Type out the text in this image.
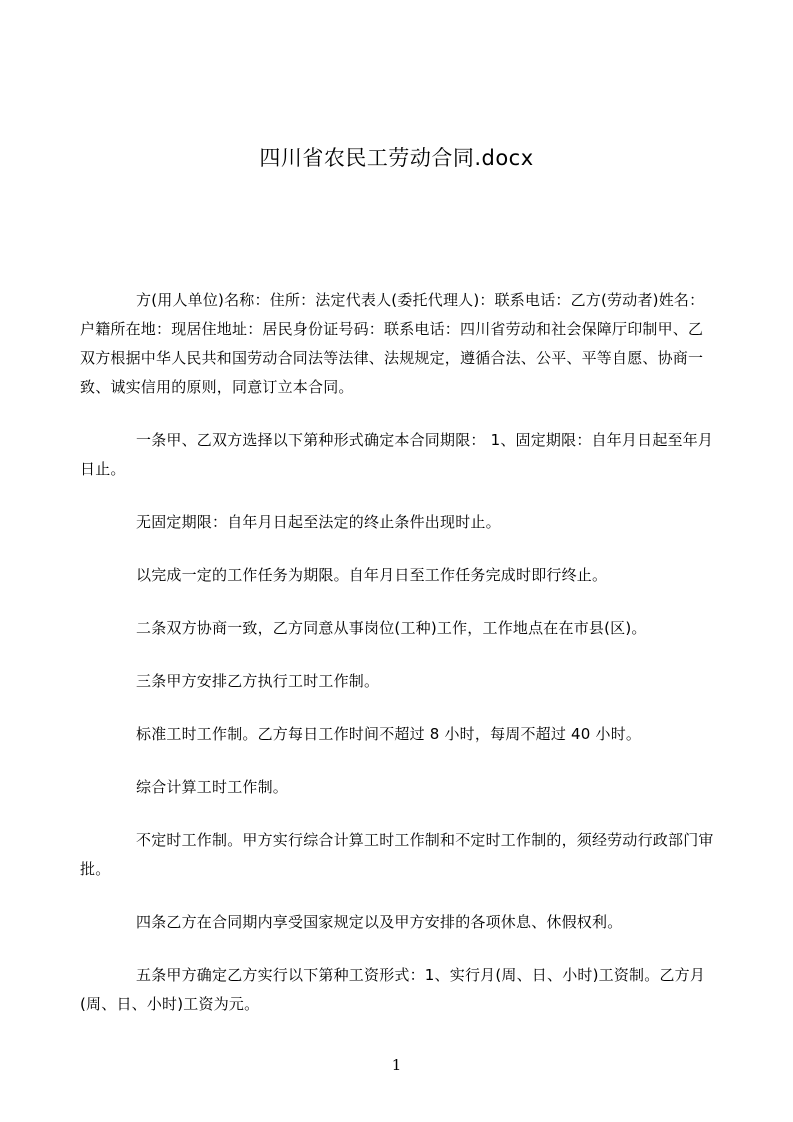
四川省农民工劳动合同.docx

方(用人单位)名称：住所：法定代表人(委托代理人)：联系电话：乙方(劳动者)姓名：户籍所在地：现居住地址：居民身份证号码：联系电话：四川省劳动和社会保障厅印制甲、乙双方根据中华人民共和国劳动合同法等法律、法规规定，遵循合法、公平、平等自愿、协商一致、诚实信用的原则，同意订立本合同。

一条甲、乙双方选择以下第种形式确定本合同期限： 1、固定期限：自年月日起至年月日止。

无固定期限：自年月日起至法定的终止条件出现时止。

以完成一定的工作任务为期限。自年月日至工作任务完成时即行终止。

二条双方协商一致，乙方同意从事岗位(工种)工作，工作地点在在市县(区)。

三条甲方安排乙方执行工时工作制。

标准工时工作制。乙方每日工作时间不超过 8 小时，每周不超过 40 小时。

综合计算工时工作制。

不定时工作制。甲方实行综合计算工时工作制和不定时工作制的，须经劳动行政部门审批。

四条乙方在合同期内享受国家规定以及甲方安排的各项休息、休假权利。

五条甲方确定乙方实行以下第种工资形式：1、实行月(周、日、小时)工资制。乙方月(周、日、小时)工资为元。

1
